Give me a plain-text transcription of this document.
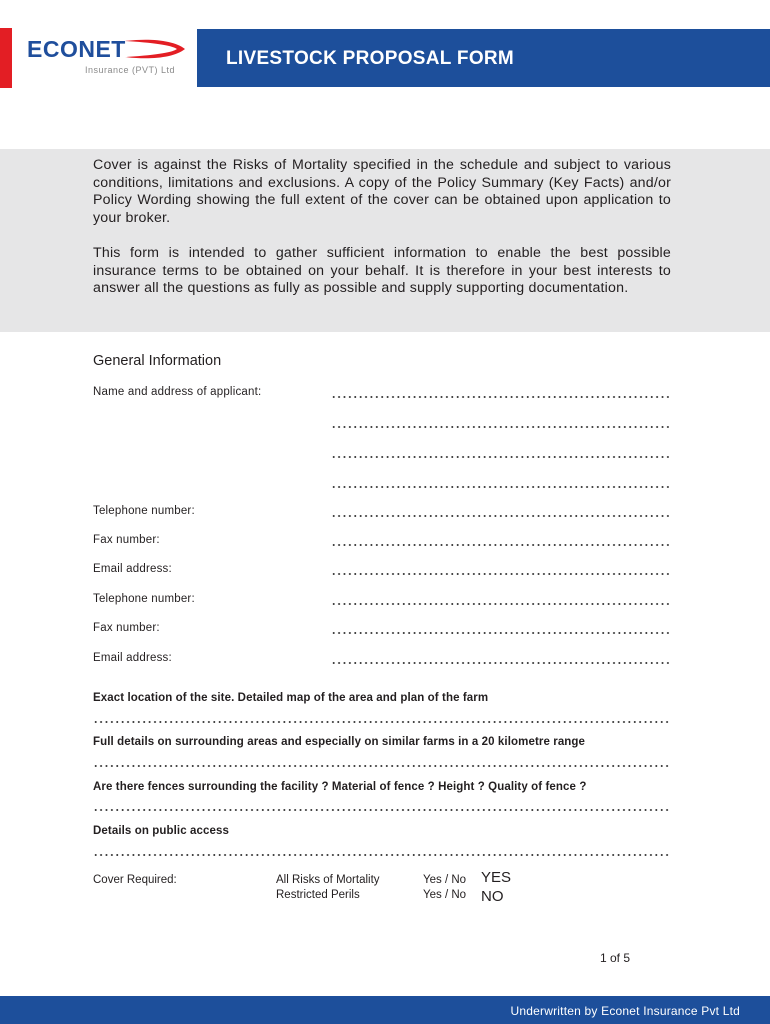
ECONET
Insurance (PVT) Ltd
LIVESTOCK PROPOSAL FORM

Cover is against the Risks of Mortality specified in the schedule and subject to various conditions, limitations and exclusions. A copy of the Policy Summary (Key Facts) and/or Policy Wording showing the full extent of the cover can be obtained upon application to your broker.

This form is intended to gather sufficient information to enable the best possible insurance terms to be obtained on your behalf. It is therefore in your best interests to answer all the questions as fully as possible and supply supporting documentation.

General Information
Name and address of applicant:
Telephone number:
Fax number:
Email address:
Telephone number:
Fax number:
Email address:
Exact location of the site. Detailed map of the area and plan of the farm
Full details on surrounding areas and especially on similar farms in a 20 kilometre range
Are there fences surrounding the facility ? Material of fence ? Height ? Quality of fence ?
Details on public access
Cover Required:	All Risks of Mortality	Yes / No YES
Restricted Perils	Yes / No NO
1 of 5
Underwritten by Econet Insurance Pvt Ltd
